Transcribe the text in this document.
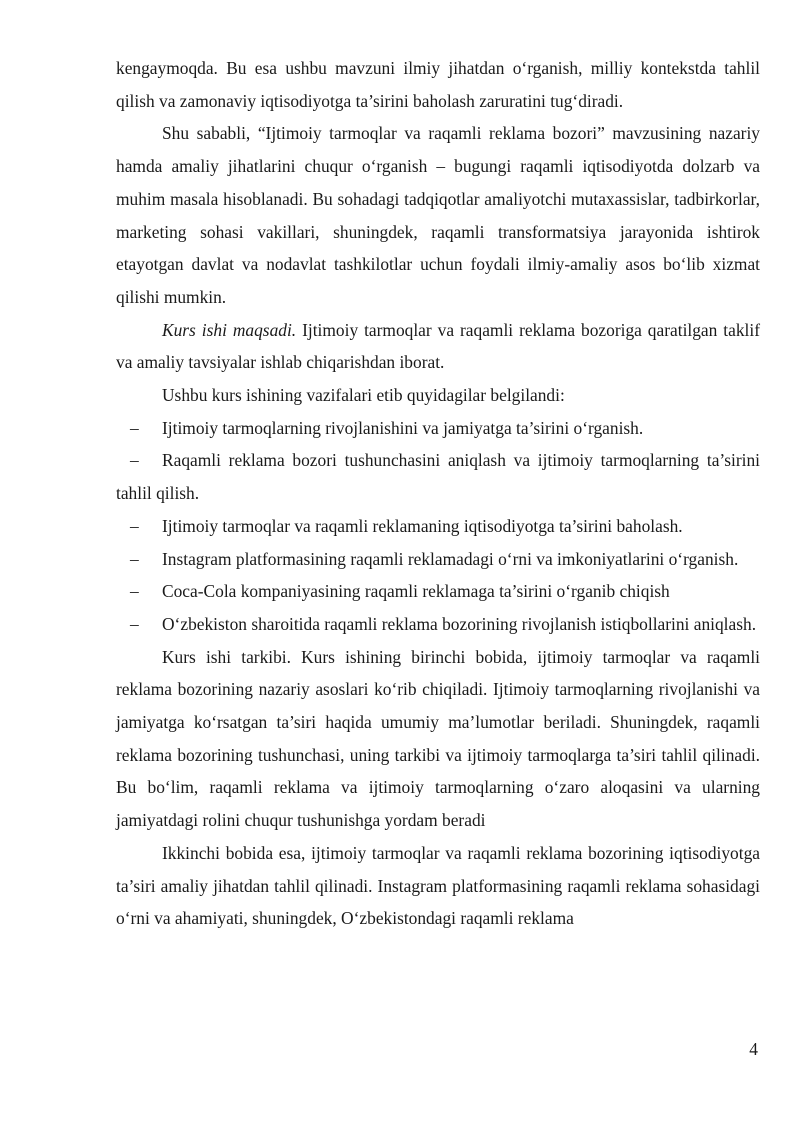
kengaymoqda. Bu esa ushbu mavzuni ilmiy jihatdan o‘rganish, milliy kontekstda tahlil qilish va zamonaviy iqtisodiyotga ta’sirini baholash zaruratini tug‘diradi.

Shu sababli, “Ijtimoiy tarmoqlar va raqamli reklama bozori” mavzusining nazariy hamda amaliy jihatlarini chuqur o‘rganish – bugungi raqamli iqtisodiyotda dolzarb va muhim masala hisoblanadi. Bu sohadagi tadqiqotlar amaliyotchi mutaxassislar, tadbirkorlar, marketing sohasi vakillari, shuningdek, raqamli transformatsiya jarayonida ishtirok etayotgan davlat va nodavlat tashkilotlar uchun foydali ilmiy-amaliy asos bo‘lib xizmat qilishi mumkin.

Kurs ishi maqsadi. Ijtimoiy tarmoqlar va raqamli reklama bozoriga qaratilgan taklif va amaliy tavsiyalar ishlab chiqarishdan iborat.

Ushbu kurs ishining vazifalari etib quyidagilar belgilandi:

– Ijtimoiy tarmoqlarning rivojlanishini va jamiyatga ta’sirini o‘rganish.

– Raqamli reklama bozori tushunchasini aniqlash va ijtimoiy tarmoqlarning ta’sirini tahlil qilish.

– Ijtimoiy tarmoqlar va raqamli reklamaning iqtisodiyotga ta’sirini baholash.

– Instagram platformasining raqamli reklamadagi o‘rni va imkoniyatlarini o‘rganish.

– Coca-Cola kompaniyasining raqamli reklamaga ta’sirini o‘rganib chiqish

– O‘zbekiston sharoitida raqamli reklama bozorining rivojlanish istiqbollarini aniqlash.

Kurs ishi tarkibi. Kurs ishining birinchi bobida, ijtimoiy tarmoqlar va raqamli reklama bozorining nazariy asoslari ko‘rib chiqiladi. Ijtimoiy tarmoqlarning rivojlanishi va jamiyatga ko‘rsatgan ta’siri haqida umumiy ma’lumotlar beriladi. Shuningdek, raqamli reklama bozorining tushunchasi, uning tarkibi va ijtimoiy tarmoqlarga ta’siri tahlil qilinadi. Bu bo‘lim, raqamli reklama va ijtimoiy tarmoqlarning o‘zaro aloqasini va ularning jamiyatdagi rolini chuqur tushunishga yordam beradi

Ikkinchi bobida esa, ijtimoiy tarmoqlar va raqamli reklama bozorining iqtisodiyotga ta’siri amaliy jihatdan tahlil qilinadi. Instagram platformasining raqamli reklama sohasidagi o‘rni va ahamiyati, shuningdek, O‘zbekistondagi raqamli reklama

4
